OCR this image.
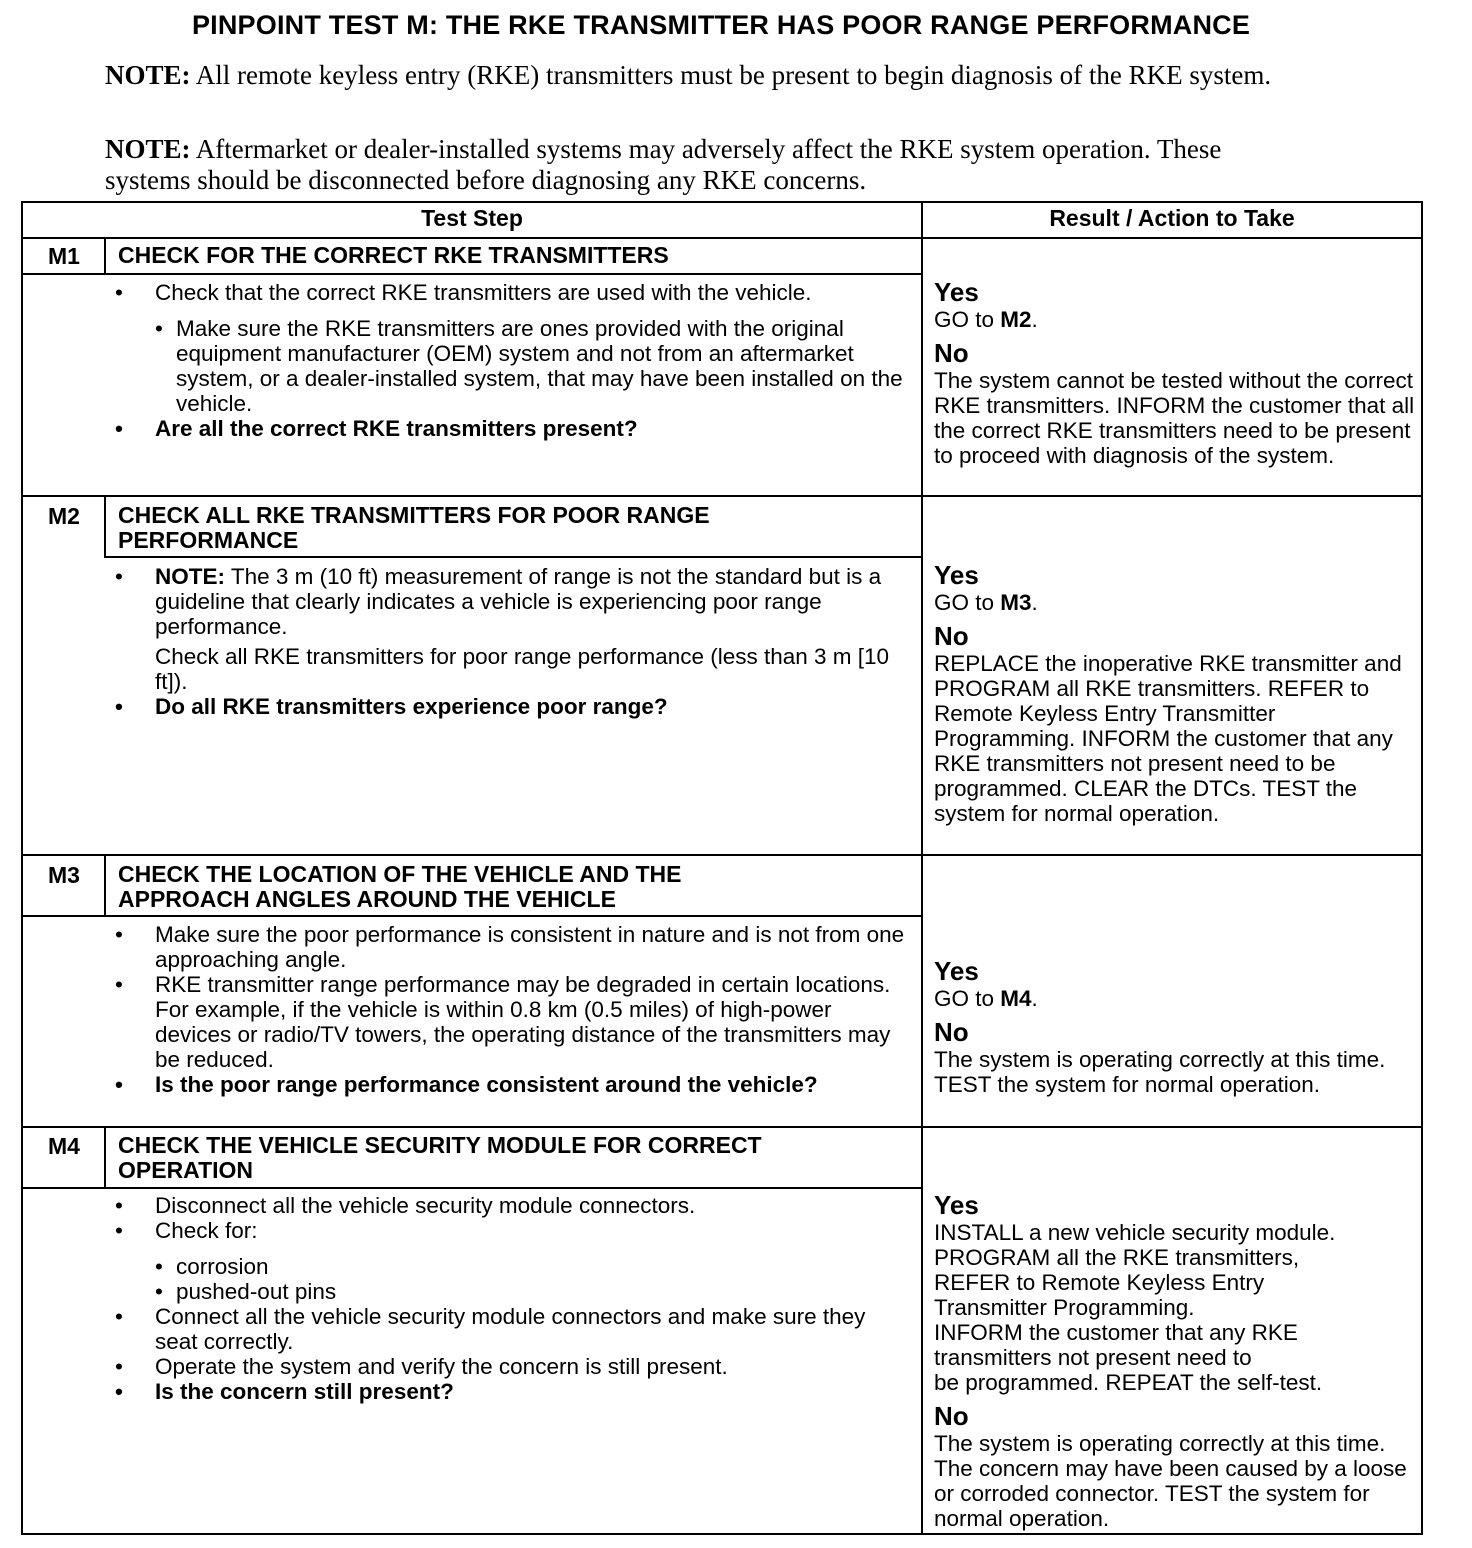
PINPOINT TEST M: THE RKE TRANSMITTER HAS POOR RANGE PERFORMANCE
NOTE: All remote keyless entry (RKE) transmitters must be present to begin diagnosis of the RKE system.
NOTE: Aftermarket or dealer-installed systems may adversely affect the RKE system operation. These systems should be disconnected before diagnosing any RKE concerns.
Test Step	Result / Action to Take
M1	CHECK FOR THE CORRECT RKE TRANSMITTERS
• Check that the correct RKE transmitters are used with the vehicle.
• Make sure the RKE transmitters are ones provided with the original equipment manufacturer (OEM) system and not from an aftermarket system, or a dealer-installed system, that may have been installed on the vehicle.
• Are all the correct RKE transmitters present?
Yes

GO to M2.

No

The system cannot be tested without the correct RKE transmitters. INFORM the customer that all the correct RKE transmitters need to be present to proceed with diagnosis of the system.

M2	CHECK ALL RKE TRANSMITTERS FOR POOR RANGE PERFORMANCE
• NOTE: The 3 m (10 ft) measurement of range is not the standard but is a guideline that clearly indicates a vehicle is experiencing poor range performance.
Check all RKE transmitters for poor range performance (less than 3 m [10 ft]).
• Do all RKE transmitters experience poor range?
Yes

GO to M3.

No

REPLACE the inoperative RKE transmitter and PROGRAM all RKE transmitters. REFER to Remote Keyless Entry Transmitter Programming. INFORM the customer that any RKE transmitters not present need to be programmed. CLEAR the DTCs. TEST the system for normal operation.

M3	CHECK THE LOCATION OF THE VEHICLE AND THE APPROACH ANGLES AROUND THE VEHICLE
• Make sure the poor performance is consistent in nature and is not from one approaching angle.
• RKE transmitter range performance may be degraded in certain locations. For example, if the vehicle is within 0.8 km (0.5 miles) of high-power devices or radio/TV towers, the operating distance of the transmitters may be reduced.
• Is the poor range performance consistent around the vehicle?
Yes

GO to M4.

No

The system is operating correctly at this time. TEST the system for normal operation.

M4	CHECK THE VEHICLE SECURITY MODULE FOR CORRECT OPERATION
• Disconnect all the vehicle security module connectors.
• Check for:
• corrosion
• pushed-out pins
• Connect all the vehicle security module connectors and make sure they seat correctly.
• Operate the system and verify the concern is still present.
• Is the concern still present?
Yes

INSTALL a new vehicle security module.

PROGRAM all the RKE transmitters,

REFER to Remote Keyless Entry

Transmitter Programming.

INFORM the customer that any RKE

transmitters not present need to

be programmed. REPEAT the self-test.

No

The system is operating correctly at this time. The concern may have been caused by a loose or corroded connector. TEST the system for normal operation.
